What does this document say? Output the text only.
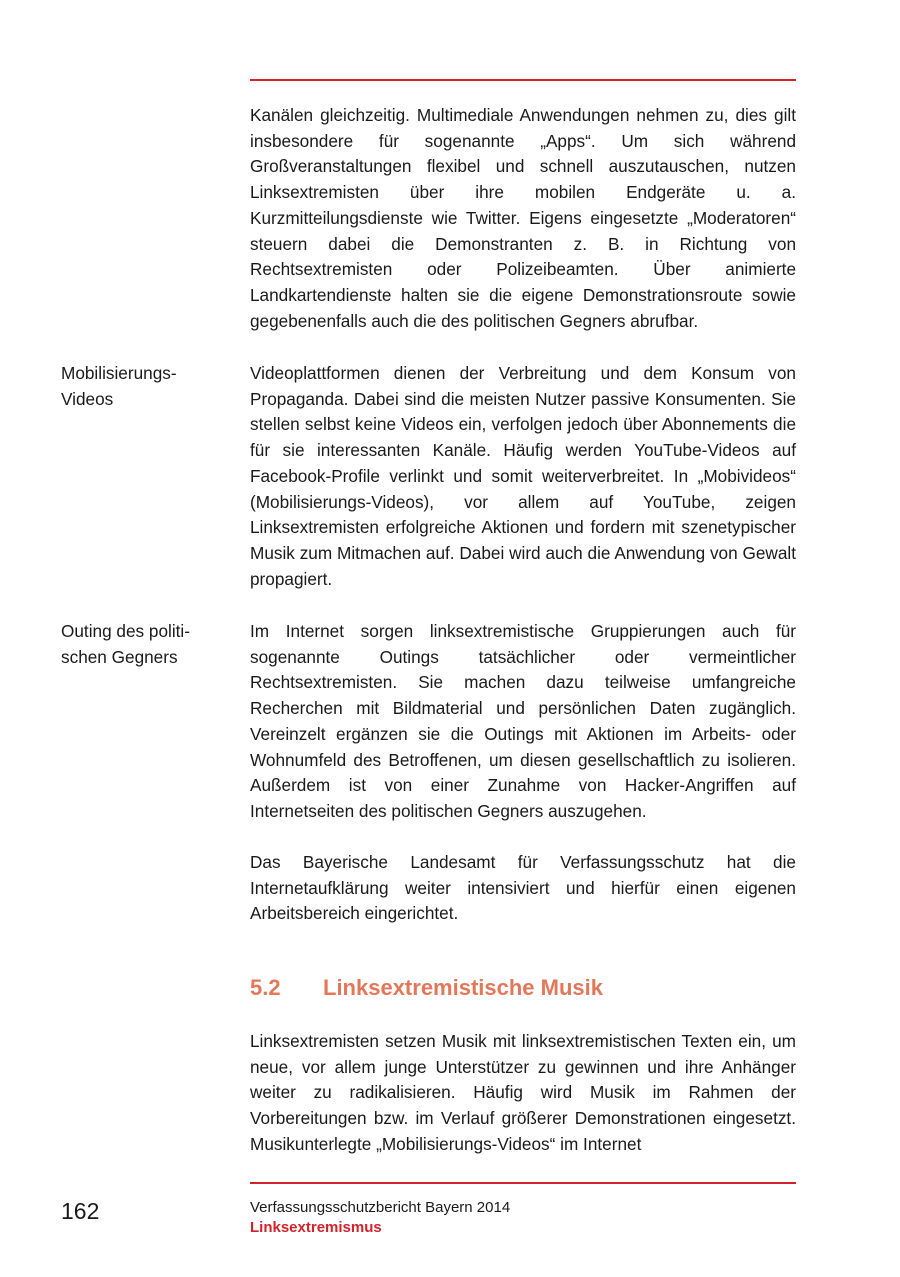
Kanälen gleichzeitig. Multimediale Anwendungen nehmen zu, dies gilt insbesondere für sogenannte „Apps“. Um sich während Großveranstaltungen flexibel und schnell auszutauschen, nutzen Linksextremisten über ihre mobilen Endgeräte u. a. Kurzmitteilungsdienste wie Twitter. Eigens eingesetzte „Moderatoren“ steuern dabei die Demonstranten z. B. in Richtung von Rechtsextremisten oder Polizeibeamten. Über animierte Landkartendienste halten sie die eigene Demonstrationsroute sowie gegebenenfalls auch die des politischen Gegners abrufbar.

Mobilisierungs-
Videos

Videoplattformen dienen der Verbreitung und dem Konsum von Propaganda. Dabei sind die meisten Nutzer passive Konsumenten. Sie stellen selbst keine Videos ein, verfolgen jedoch über Abonnements die für sie interessanten Kanäle. Häufig werden YouTube-Videos auf Facebook-Profile verlinkt und somit weiterverbreitet. In „Mobivideos“ (Mobilisierungs-Videos), vor allem auf YouTube, zeigen Linksextremisten erfolgreiche Aktionen und fordern mit szenetypischer Musik zum Mitmachen auf. Dabei wird auch die Anwendung von Gewalt propagiert.

Outing des politi-
schen Gegners

Im Internet sorgen linksextremistische Gruppierungen auch für sogenannte Outings tatsächlicher oder vermeintlicher Rechtsextremisten. Sie machen dazu teilweise umfangreiche Recherchen mit Bildmaterial und persönlichen Daten zugänglich. Vereinzelt ergänzen sie die Outings mit Aktionen im Arbeits- oder Wohnumfeld des Betroffenen, um diesen gesellschaftlich zu isolieren. Außerdem ist von einer Zunahme von Hacker-Angriffen auf Internetseiten des politischen Gegners auszugehen.

Das Bayerische Landesamt für Verfassungsschutz hat die Internetaufklärung weiter intensiviert und hierfür einen eigenen Arbeitsbereich eingerichtet.

5.2 Linksextremistische Musik

Linksextremisten setzen Musik mit linksextremistischen Texten ein, um neue, vor allem junge Unterstützer zu gewinnen und ihre Anhänger weiter zu radikalisieren. Häufig wird Musik im Rahmen der Vorbereitungen bzw. im Verlauf größerer Demonstrationen eingesetzt. Musikunterlegte „Mobilisierungs-Videos“ im Internet

162	Verfassungsschutzbericht Bayern 2014
Linksextremismus
